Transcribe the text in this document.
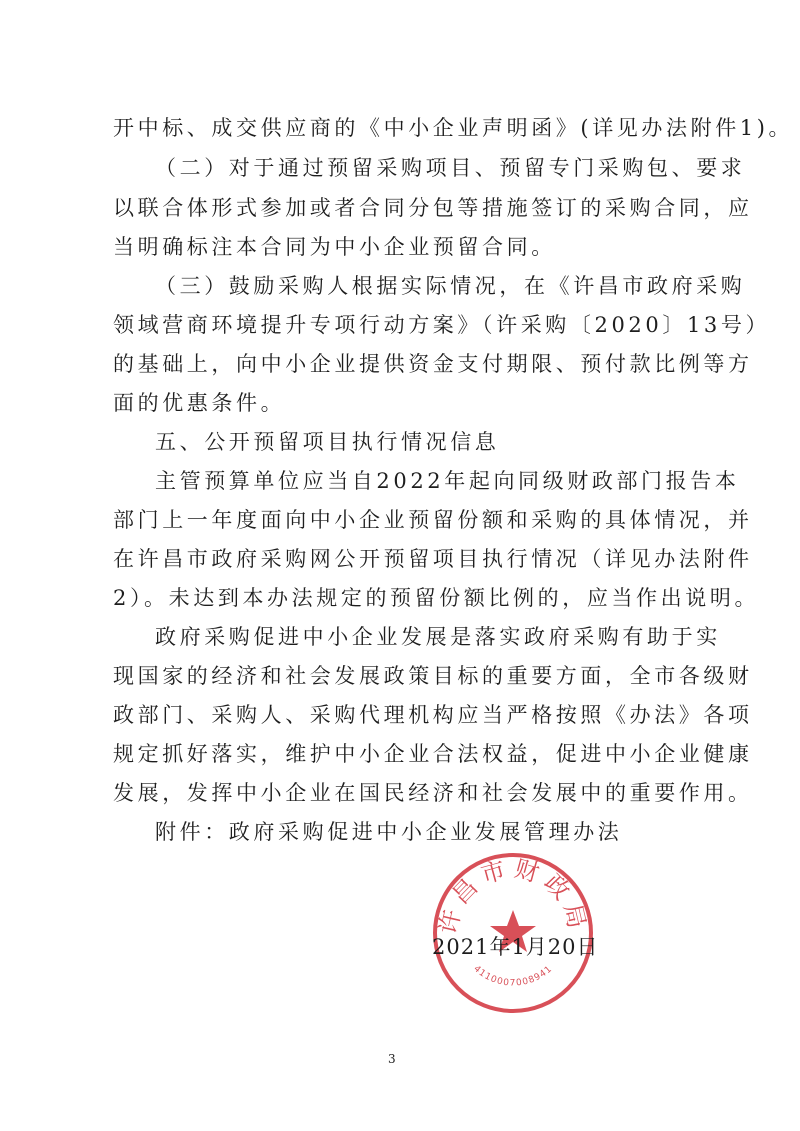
开中标、成交供应商的《中小企业声明函》(详见办法附件1)。
（二）对于通过预留采购项目、预留专门采购包、要求
以联合体形式参加或者合同分包等措施签订的采购合同，应
当明确标注本合同为中小企业预留合同。
（三）鼓励采购人根据实际情况，在《许昌市政府采购
领域营商环境提升专项行动方案》（许采购〔2020〕13号）
的基础上，向中小企业提供资金支付期限、预付款比例等方
面的优惠条件。
五、公开预留项目执行情况信息
主管预算单位应当自2022年起向同级财政部门报告本
部门上一年度面向中小企业预留份额和采购的具体情况，并
在许昌市政府采购网公开预留项目执行情况（详见办法附件
2）。未达到本办法规定的预留份额比例的，应当作出说明。
政府采购促进中小企业发展是落实政府采购有助于实
现国家的经济和社会发展政策目标的重要方面，全市各级财
政部门、采购人、采购代理机构应当严格按照《办法》各项
规定抓好落实，维护中小企业合法权益，促进中小企业健康
发展，发挥中小企业在国民经济和社会发展中的重要作用。
附件：政府采购促进中小企业发展管理办法
许昌市财政局
4110007008941
2021年1月20日
3
